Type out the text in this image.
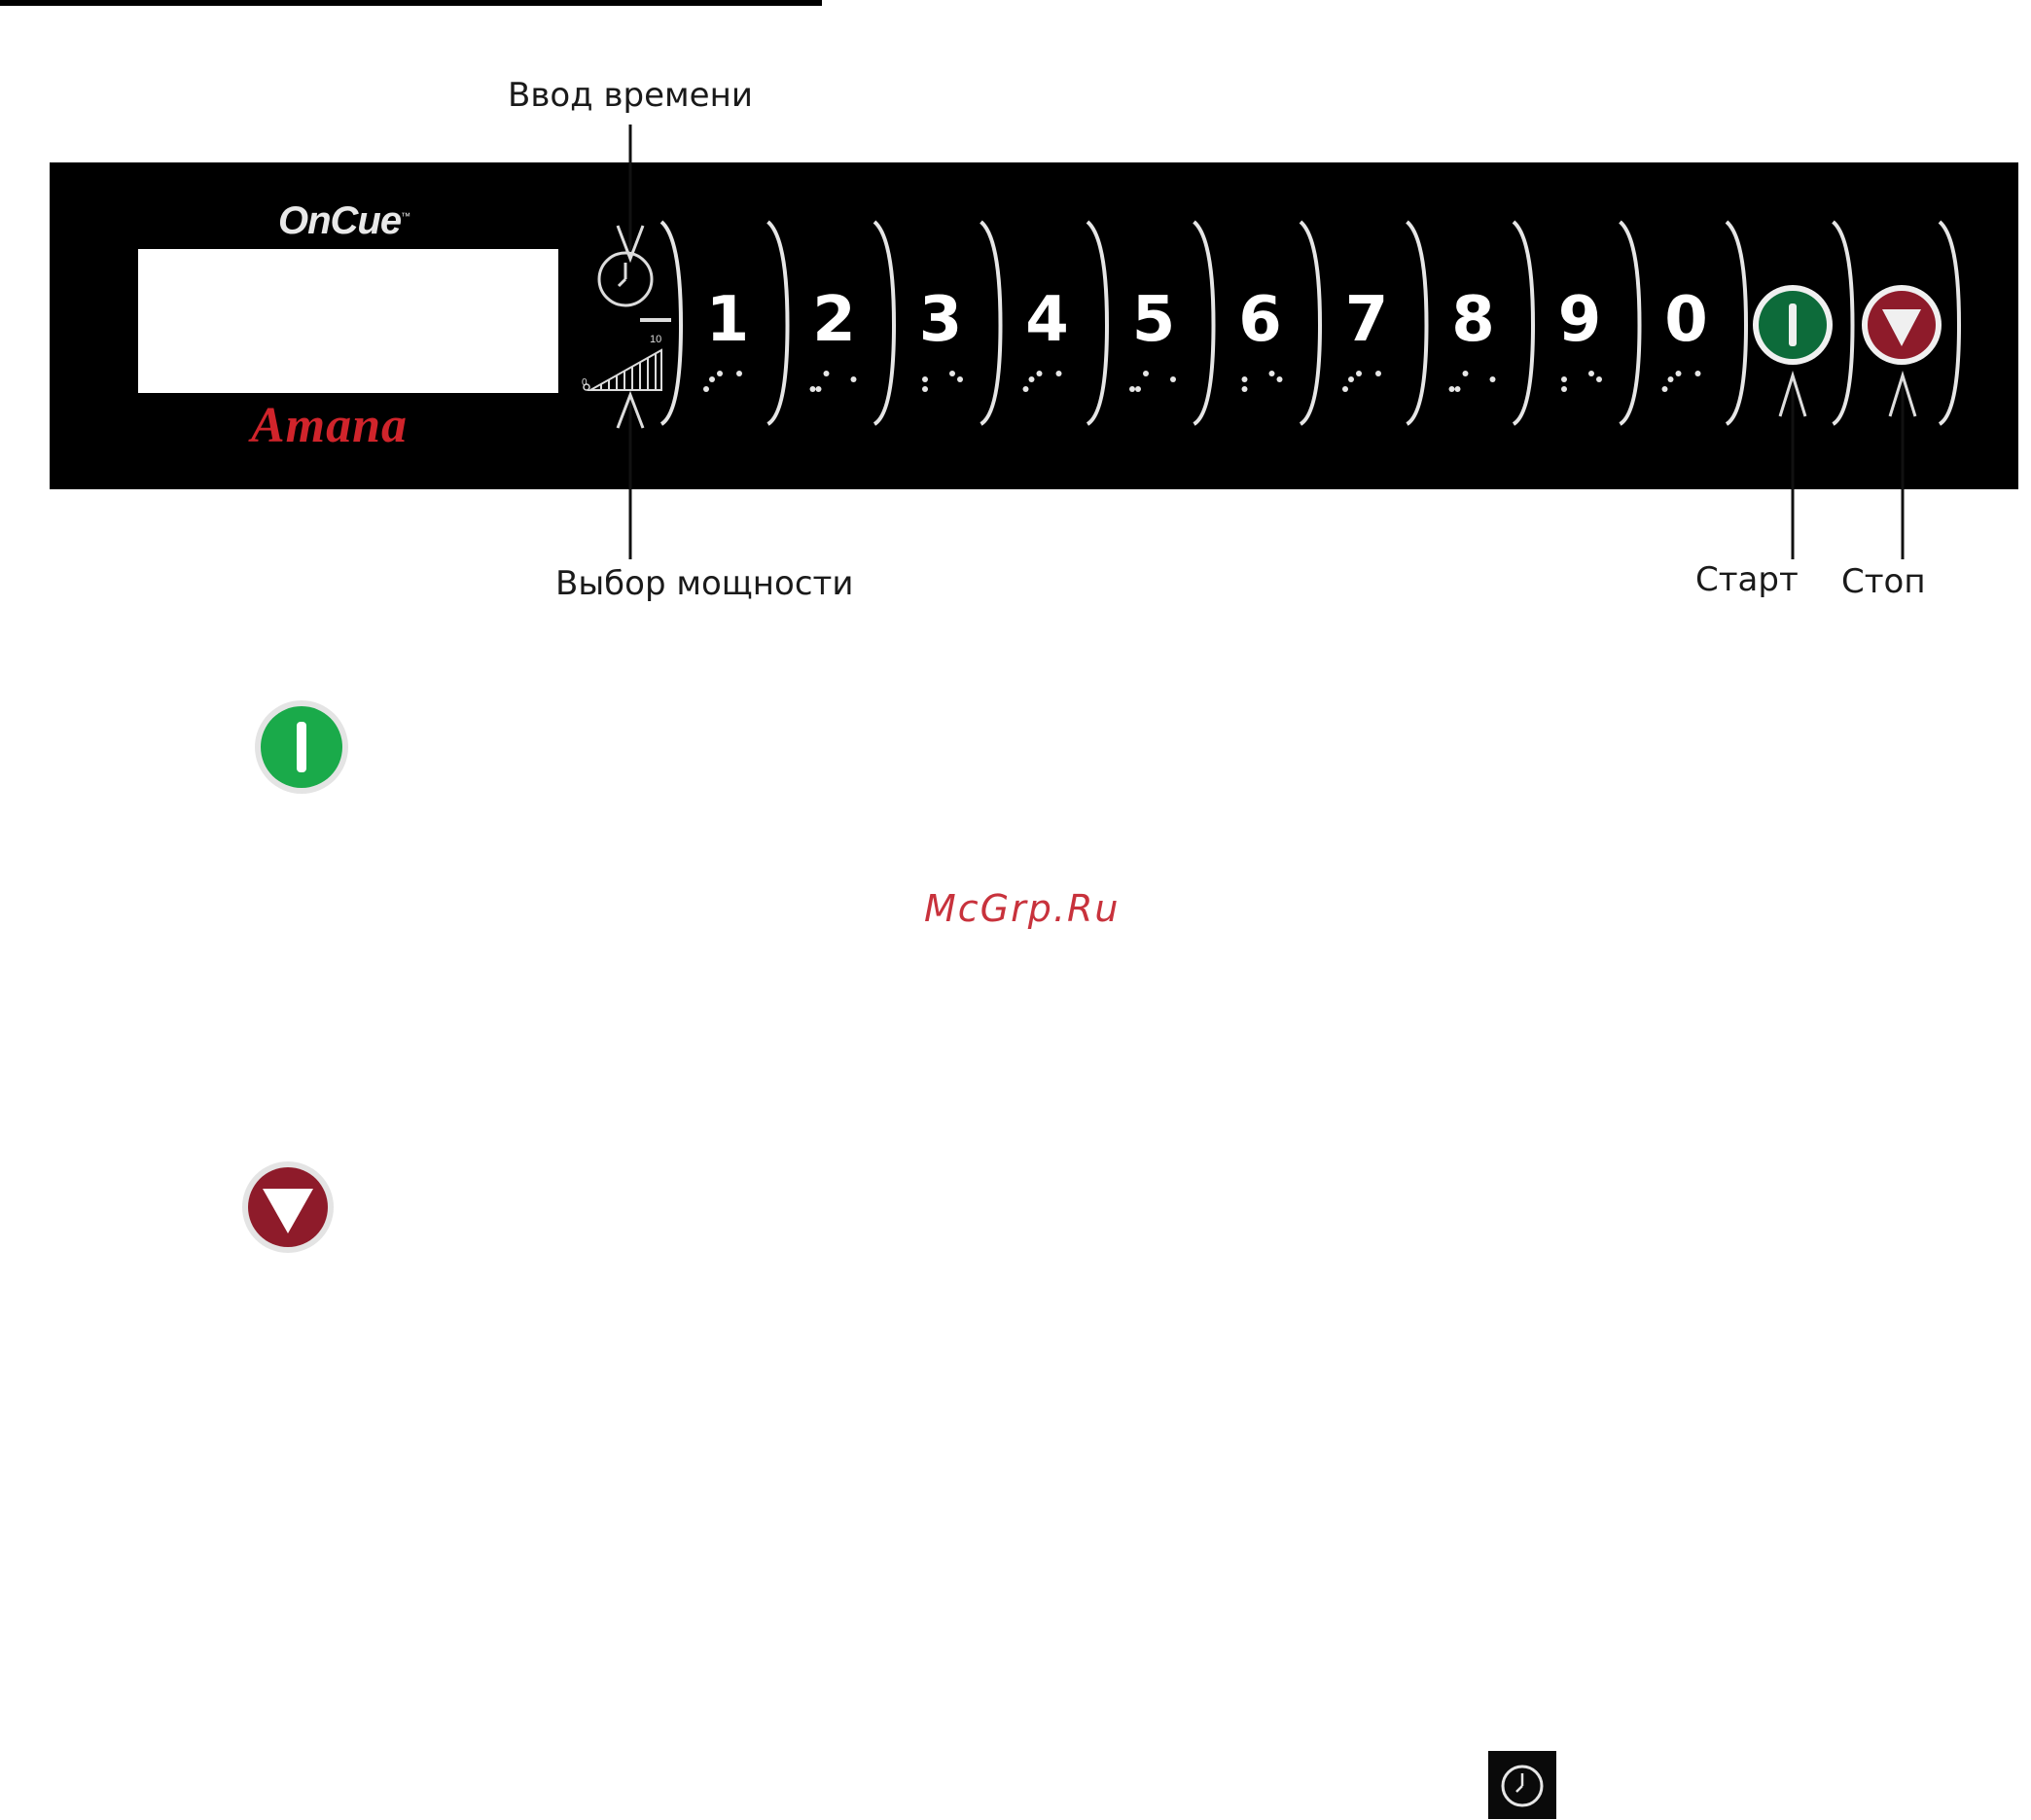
Ввод времени
Выбор мощности	Старт Стоп
OnCue™
Amana
0
10 1 2 3 4 5 6 7 8 9 0
McGrp.Ru
